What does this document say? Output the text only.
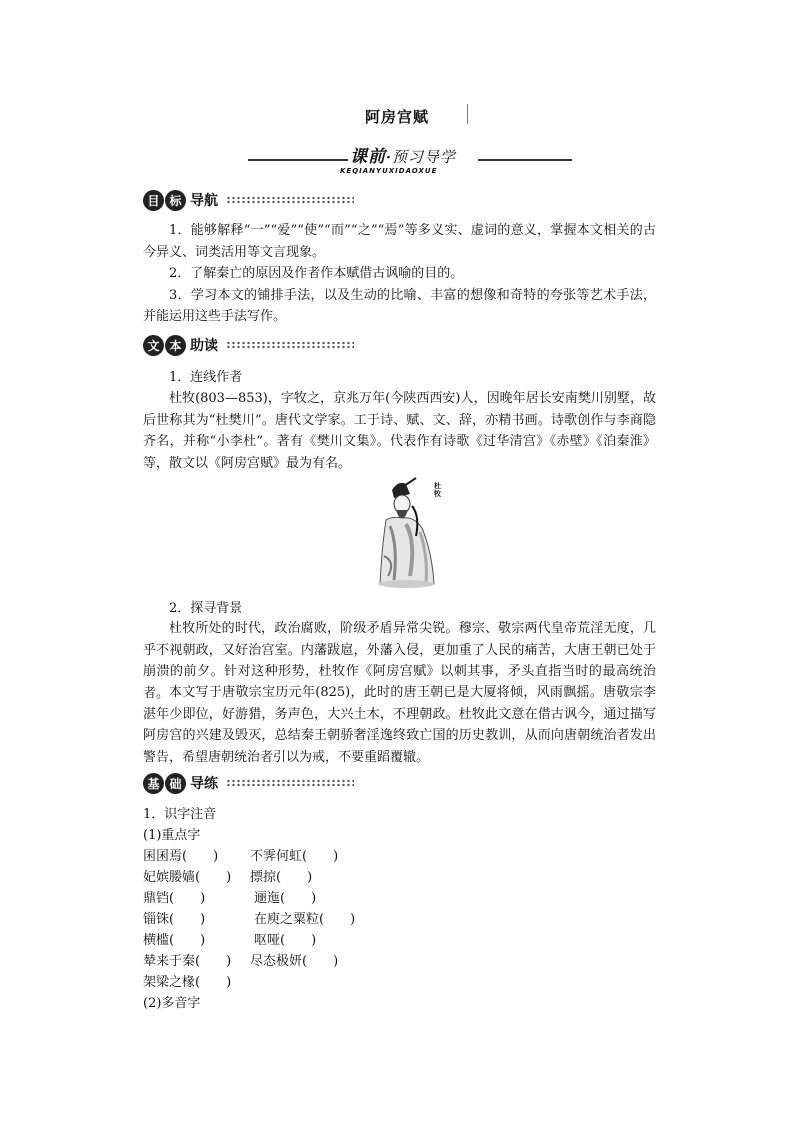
阿房宫赋
课前·预习导学
KEQIANYUXIDAOXUE
目 标 导航
1．能够解释“一”“爱”“使”“而”“之”“焉”等多义实、虚词的意义，掌握本文相关的古今异义、词类活用等文言现象。
2．了解秦亡的原因及作者作本赋借古讽喻的目的。
3．学习本文的铺排手法，以及生动的比喻、丰富的想像和奇特的夸张等艺术手法，并能运用这些手法写作。
文 本 助读
1．连线作者
杜牧(803—853)，字牧之，京兆万年(今陕西西安)人，因晚年居长安南樊川别墅，故后世称其为“杜樊川”。唐代文学家。工于诗、赋、文、辞，亦精书画。诗歌创作与李商隐齐名，并称“小李杜”。著有《樊川文集》。代表作有诗歌《过华清宫》《赤壁》《泊秦淮》等，散文以《阿房宫赋》最为有名。
杜牧
2．探寻背景
杜牧所处的时代，政治腐败，阶级矛盾异常尖锐。穆宗、敬宗两代皇帝荒淫无度，几乎不视朝政，又好治宫室。内藩跋扈，外藩入侵，更加重了人民的痛苦，大唐王朝已处于崩溃的前夕。针对这种形势，杜牧作《阿房宫赋》以刺其事，矛头直指当时的最高统治者。 本文写于唐敬宗宝历元年(825)，此时的唐王朝已是大厦将倾，风雨飘摇。唐敬宗李湛年少即位，好游猎，务声色，大兴土木，不理朝政。杜牧此文意在借古讽今，通过描写阿房宫的兴建及毁灭，总结秦王朝骄奢淫逸终致亡国的历史教训，从而向唐朝统治者发出警告，希望唐朝统治者引以为戒，不要重蹈覆辙。
基 础 导练
1．识字注音
(1)重点字
囷囷焉(　　) 不霁何虹(　　)
妃嫔媵嫱(　　) 摽掠(　　)
鼎铛(　　)	逦迤(　　)
锱铢(　　)	在庾之粟粒(　　)
横槛(　　)	呕哑(　　)
辇来于秦(　　) 尽态极妍(　　)
架梁之椽(　　)
(2)多音字
